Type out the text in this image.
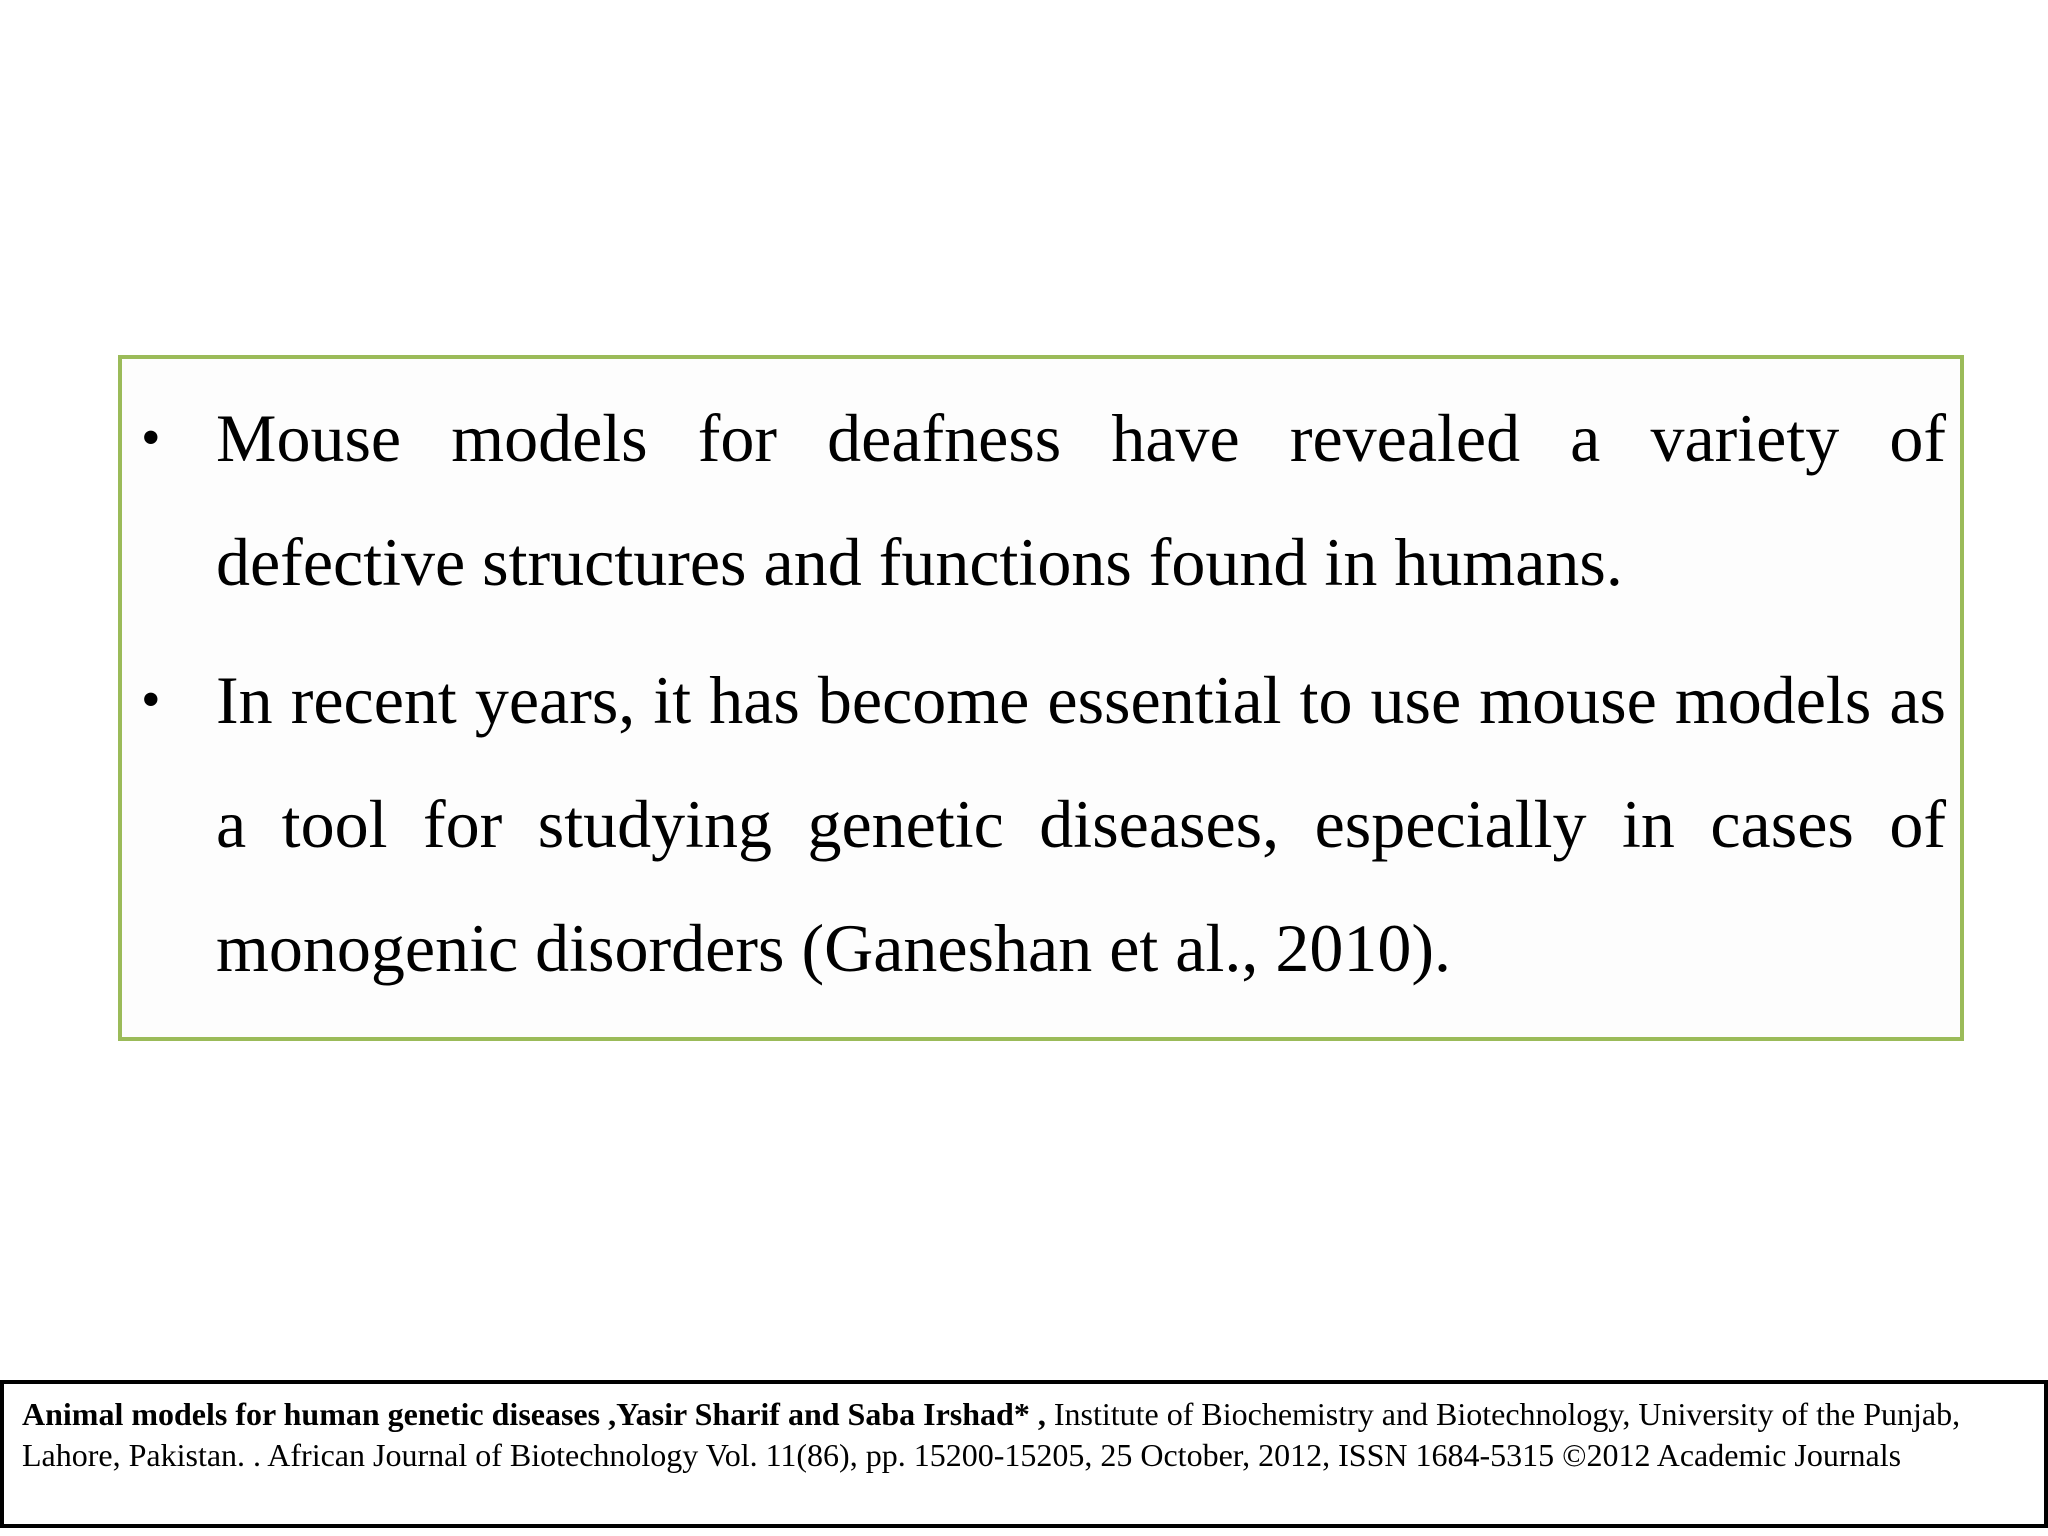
• Mouse models for deafness have revealed a variety of defective structures and functions found in humans.
• In recent years, it has become essential to use mouse models as a tool for studying genetic diseases, especially in cases of monogenic disorders (Ganeshan et al., 2010).
Animal models for human genetic diseases ,Yasir Sharif and Saba Irshad* , Institute of Biochemistry and Biotechnology, University of the Punjab, Lahore, Pakistan. . African Journal of Biotechnology Vol. 11(86), pp. 15200-15205, 25 October, 2012, ISSN 1684-5315 ©2012 Academic Journals
